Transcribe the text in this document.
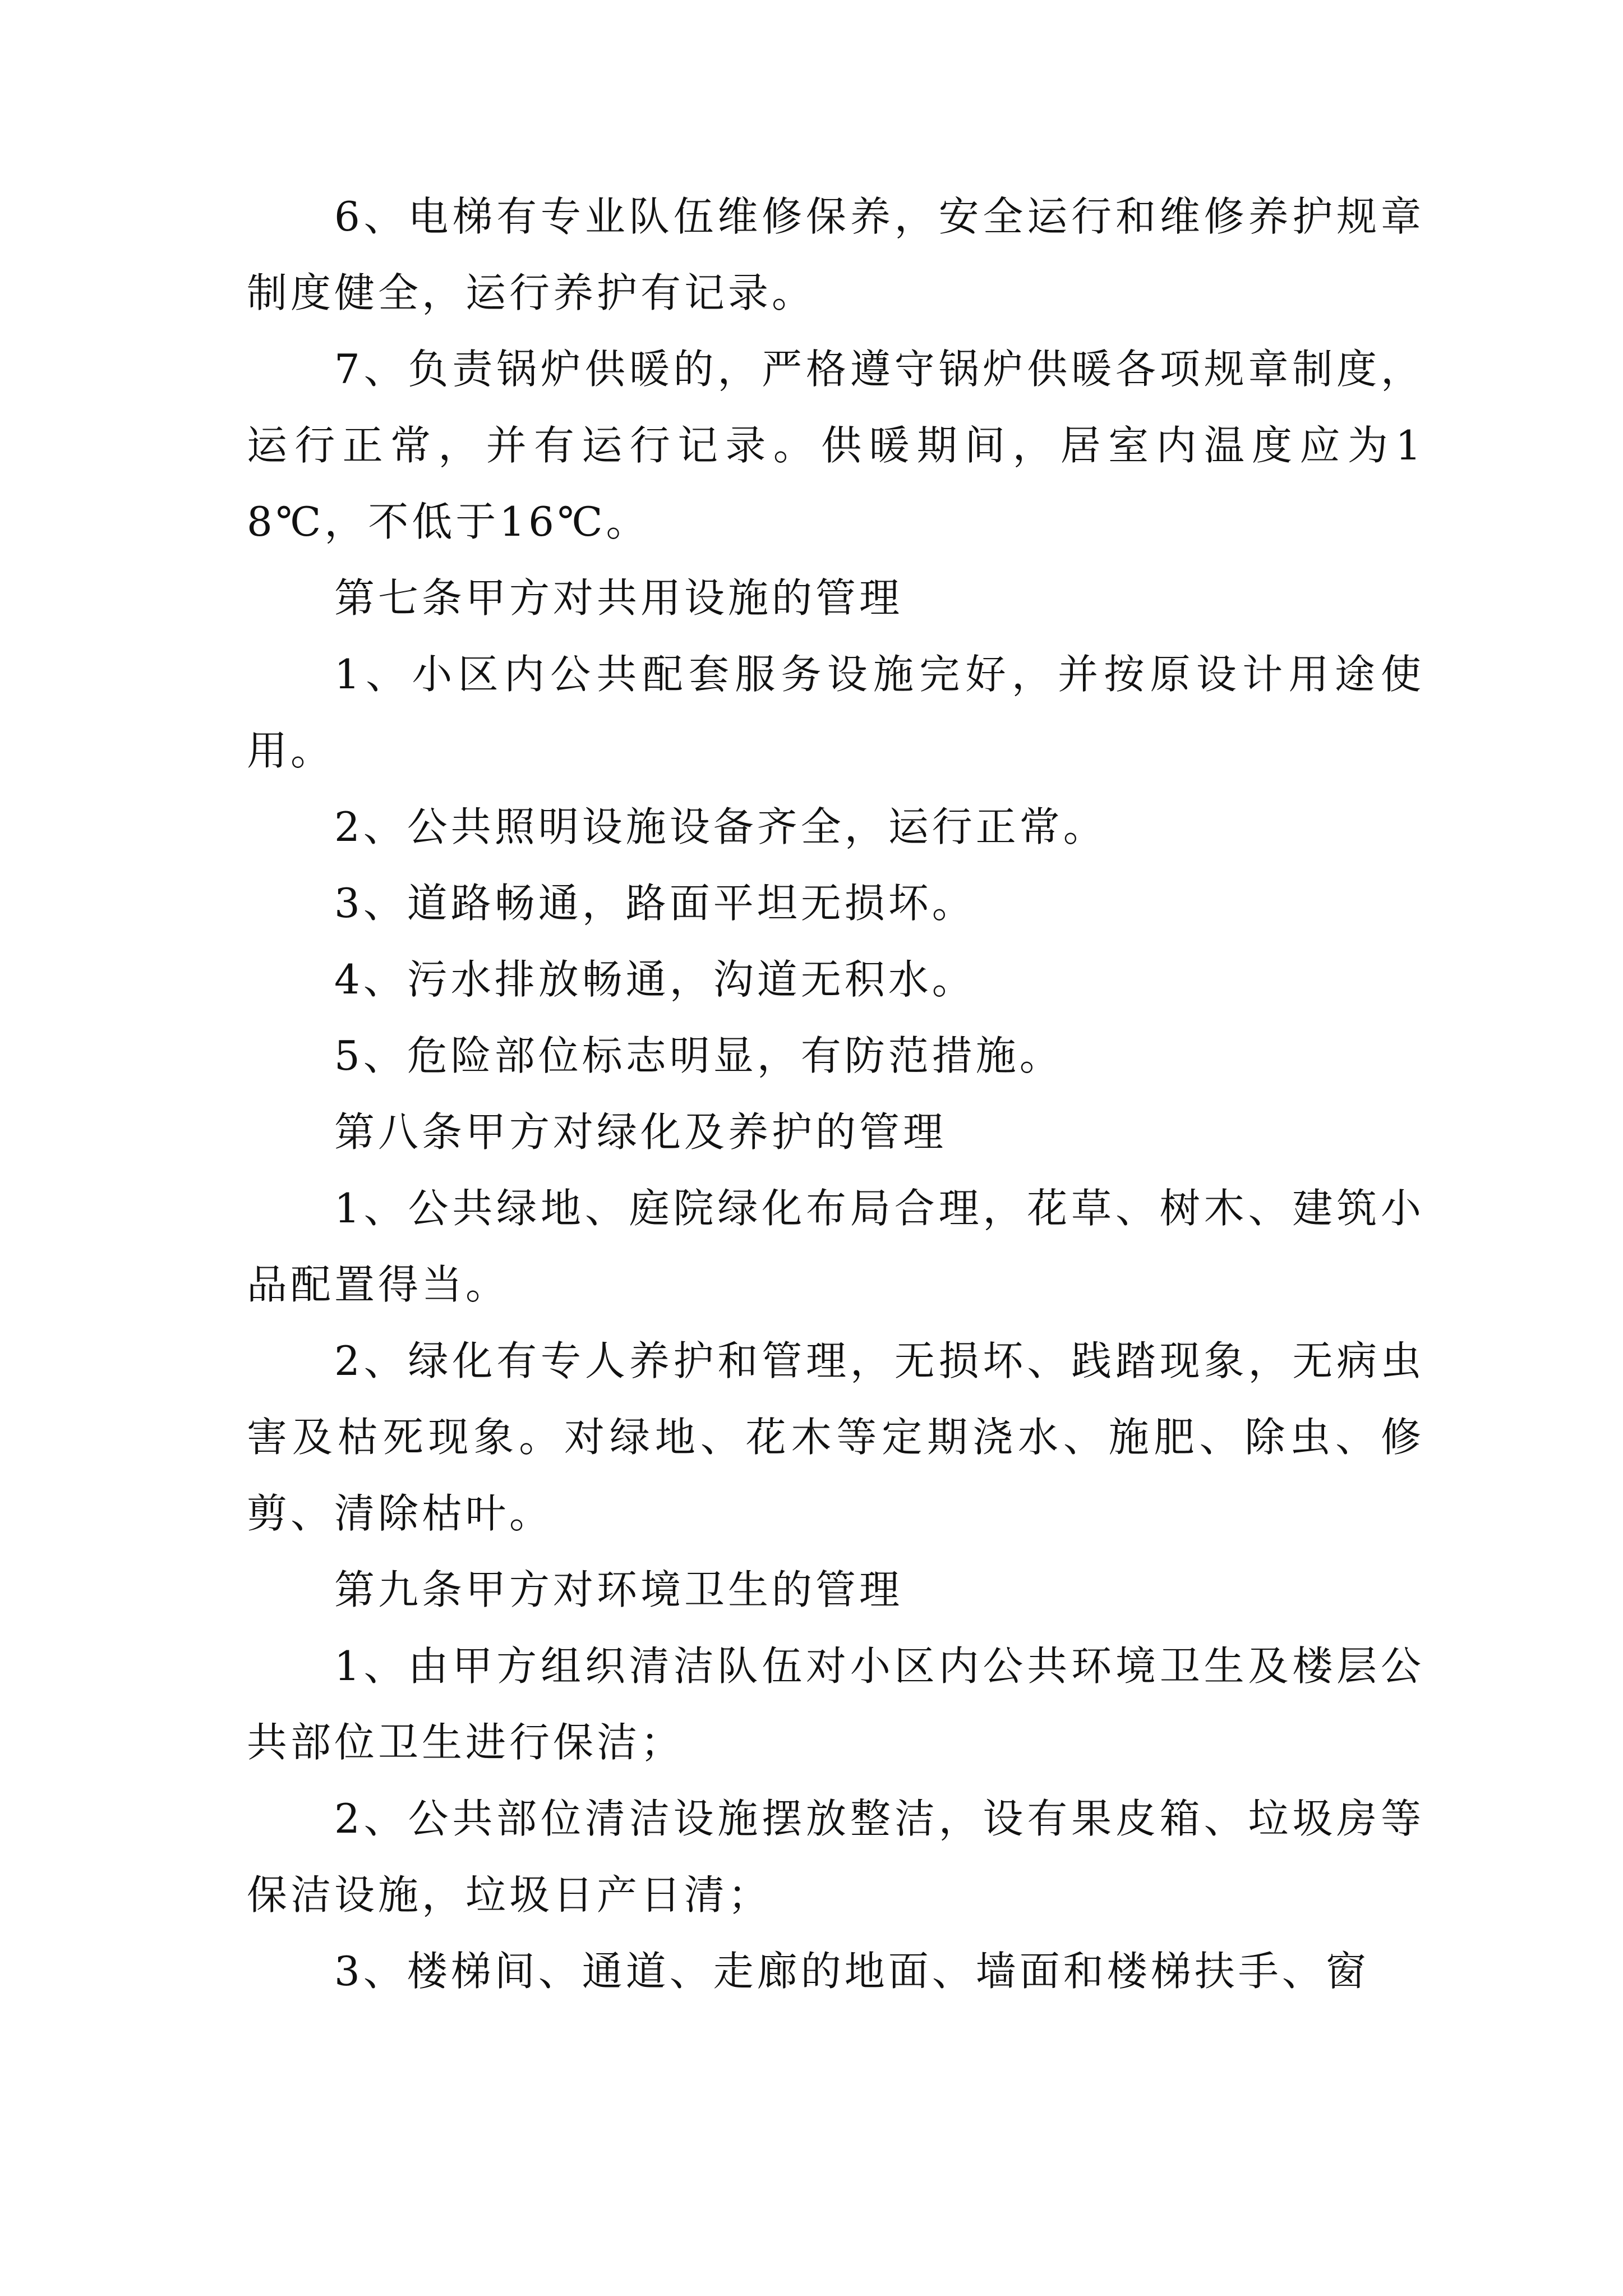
6、电梯有专业队伍维修保养，安全运行和维修养护规章制度健全，运行养护有记录。

7、负责锅炉供暖的，严格遵守锅炉供暖各项规章制度，运行正常，并有运行记录。供暖期间，居室内温度应为18℃，不低于16℃。

第七条甲方对共用设施的管理

1、小区内公共配套服务设施完好，并按原设计用途使用。

2、公共照明设施设备齐全，运行正常。

3、道路畅通，路面平坦无损坏。

4、污水排放畅通，沟道无积水。

5、危险部位标志明显，有防范措施。

第八条甲方对绿化及养护的管理

1、公共绿地、庭院绿化布局合理，花草、树木、建筑小品配置得当。

2、绿化有专人养护和管理，无损坏、践踏现象，无病虫害及枯死现象。对绿地、花木等定期浇水、施肥、除虫、修剪、清除枯叶。

第九条甲方对环境卫生的管理

1、由甲方组织清洁队伍对小区内公共环境卫生及楼层公共部位卫生进行保洁；

2、公共部位清洁设施摆放整洁，设有果皮箱、垃圾房等保洁设施，垃圾日产日清；

3、楼梯间、通道、走廊的地面、墙面和楼梯扶手、窗
